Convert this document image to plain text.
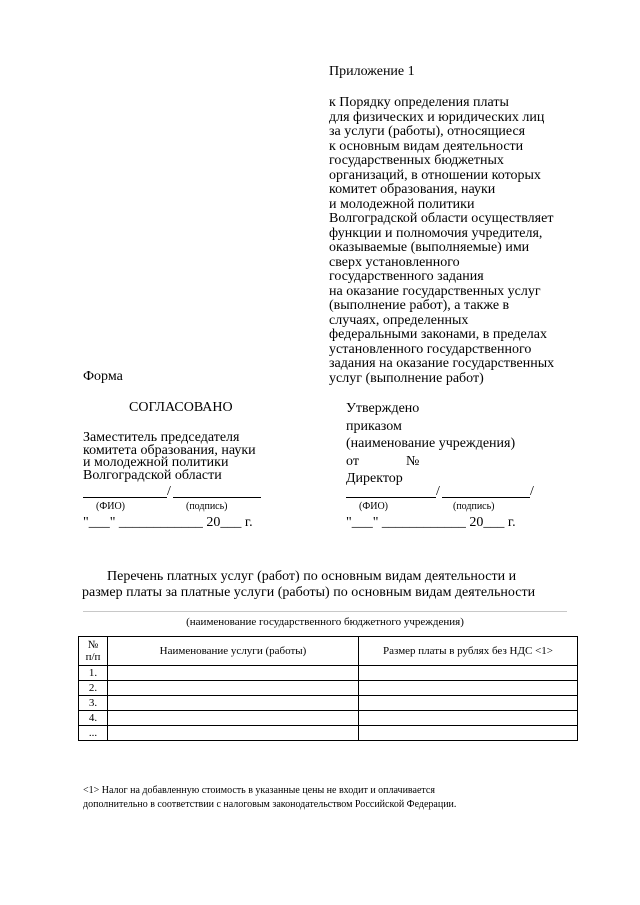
Приложение 1
к Порядку определения платы
для физических и юридических лиц
за услуги (работы), относящиеся
к основным видам деятельности
государственных бюджетных
организаций, в отношении которых
комитет образования, науки
и молодежной политики
Волгоградской области осуществляет
функции и полномочия учредителя,
оказываемые (выполняемые) ими
сверх установленного
государственного задания
на оказание государственных услуг
(выполнение работ), а также в
случаях, определенных
федеральными законами, в пределах
установленного государственного
задания на оказание государственных
услуг (выполнение работ)
Форма
СОГЛАСОВАНО
Заместитель председателя
комитета образования, науки
и молодежной политики
Волгоградской области
/
(ФИО)	(подпись)
"___" ____________ 20___ г.
Утверждено
приказом
(наименование учреждения)
от	№
Директор
/	/
(ФИО)	(подпись)
"___" ____________ 20___ г.
Перечень платных услуг (работ) по основным видам деятельности и
размер платы за платные услуги (работы) по основным видам деятельности
(наименование государственного бюджетного учреждения)
№
п/п	Наименование услуги (работы)	Размер платы в рублях без НДС <1>
1.		
2.		
3.		
4.		
...		
<1> Налог на добавленную стоимость в указанные цены не входит и оплачивается
дополнительно в соответствии с налоговым законодательством Российской Федерации.
